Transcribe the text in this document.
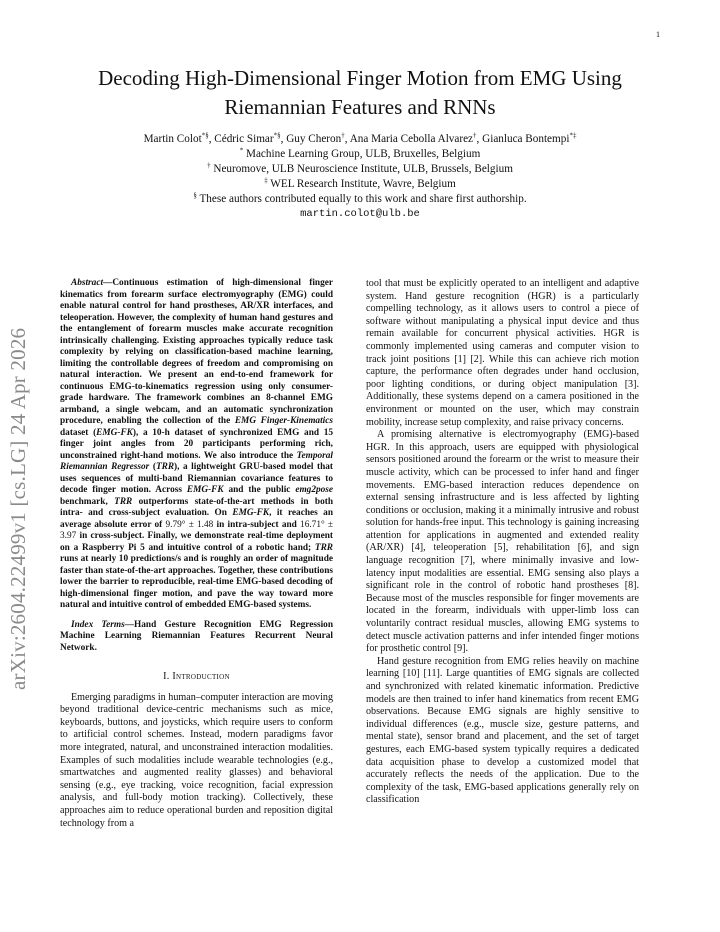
1
arXiv:2604.22499v1 [cs.LG] 24 Apr 2026
Decoding High-Dimensional Finger Motion from EMG Using Riemannian Features and RNNs
Martin Colot*§, Cédric Simar*§, Guy Cheron†, Ana Maria Cebolla Alvarez†, Gianluca Bontempi*‡
* Machine Learning Group, ULB, Bruxelles, Belgium
† Neuromove, ULB Neuroscience Institute, ULB, Brussels, Belgium
‡ WEL Research Institute, Wavre, Belgium
§ These authors contributed equally to this work and share first authorship.
martin.colot@ulb.be

Abstract—Continuous estimation of high-dimensional finger kinematics from forearm surface electromyography (EMG) could enable natural control for hand prostheses, AR/XR interfaces, and teleoperation. However, the complexity of human hand gestures and the entanglement of forearm muscles make accurate recognition intrinsically challenging. Existing approaches typically reduce task complexity by relying on classification-based machine learning, limiting the controllable degrees of freedom and compromising on natural interaction. We present an end-to-end framework for continuous EMG-to-kinematics regression using only consumer-grade hardware. The framework combines an 8-channel EMG armband, a single webcam, and an automatic synchronization procedure, enabling the collection of the EMG Finger-Kinematics dataset (EMG-FK), a 10-h dataset of synchronized EMG and 15 finger joint angles from 20 participants performing rich, unconstrained right-hand motions. We also introduce the Temporal Riemannian Regressor (TRR), a lightweight GRU-based model that uses sequences of multi-band Riemannian covariance features to decode finger motion. Across EMG-FK and the public emg2pose benchmark, TRR outperforms state-of-the-art methods in both intra- and cross-subject evaluation. On EMG-FK, it reaches an average absolute error of 9.79° ± 1.48 in intra-subject and 16.71° ± 3.97 in cross-subject. Finally, we demonstrate real-time deployment on a Raspberry Pi 5 and intuitive control of a robotic hand; TRR runs at nearly 10 predictions/s and is roughly an order of magnitude faster than state-of-the-art approaches. Together, these contributions lower the barrier to reproducible, real-time EMG-based decoding of high-dimensional finger motion, and pave the way toward more natural and intuitive control of embedded EMG-based systems.

Index Terms—Hand Gesture Recognition EMG Regression Machine Learning Riemannian Features Recurrent Neural Network.

I. Introduction

Emerging paradigms in human–computer interaction are moving beyond traditional device-centric mechanisms such as mice, keyboards, buttons, and joysticks, which require users to conform to artificial control schemes. Instead, modern paradigms favor more integrated, natural, and unconstrained interaction modalities. Examples of such modalities include wearable technologies (e.g., smartwatches and augmented reality glasses) and behavioral sensing (e.g., eye tracking, voice recognition, facial expression analysis, and full-body motion tracking). Collectively, these approaches aim to reduce operational burden and reposition digital technology from a

tool that must be explicitly operated to an intelligent and adaptive system. Hand gesture recognition (HGR) is a particularly compelling technology, as it allows users to control a piece of software without manipulating a physical input device and thus remain available for concurrent physical activities. HGR is commonly implemented using cameras and computer vision to track joint positions [1] [2]. While this can achieve rich motion capture, the performance often degrades under hand occlusion, poor lighting conditions, or during object manipulation [3]. Additionally, these systems depend on a camera positioned in the environment or mounted on the user, which may constrain mobility, increase setup complexity, and raise privacy concerns.

A promising alternative is electromyography (EMG)-based HGR. In this approach, users are equipped with physiological sensors positioned around the forearm or the wrist to measure their muscle activity, which can be processed to infer hand and finger movements. EMG-based interaction reduces dependence on external sensing infrastructure and is less affected by lighting conditions or occlusion, making it a minimally intrusive and robust solution for hands-free input. This technology is gaining increasing attention for applications in augmented and extended reality (AR/XR) [4], teleoperation [5], rehabilitation [6], and sign language recognition [7], where minimally invasive and low-latency input modalities are essential. EMG sensing also plays a significant role in the control of robotic hand prostheses [8]. Because most of the muscles responsible for finger movements are located in the forearm, individuals with upper-limb loss can voluntarily contract residual muscles, allowing EMG systems to detect muscle activation patterns and infer intended finger motions for prosthetic control [9].

Hand gesture recognition from EMG relies heavily on machine learning [10] [11]. Large quantities of EMG signals are collected and synchronized with related kinematic information. Predictive models are then trained to infer hand kinematics from recent EMG observations. Because EMG signals are highly sensitive to individual differences (e.g., muscle size, gesture patterns, and mental state), sensor brand and placement, and the set of target gestures, each EMG-based system typically requires a dedicated data acquisition phase to develop a customized model that accurately reflects the needs of the application. Due to the complexity of the task, EMG-based applications generally rely on classification
